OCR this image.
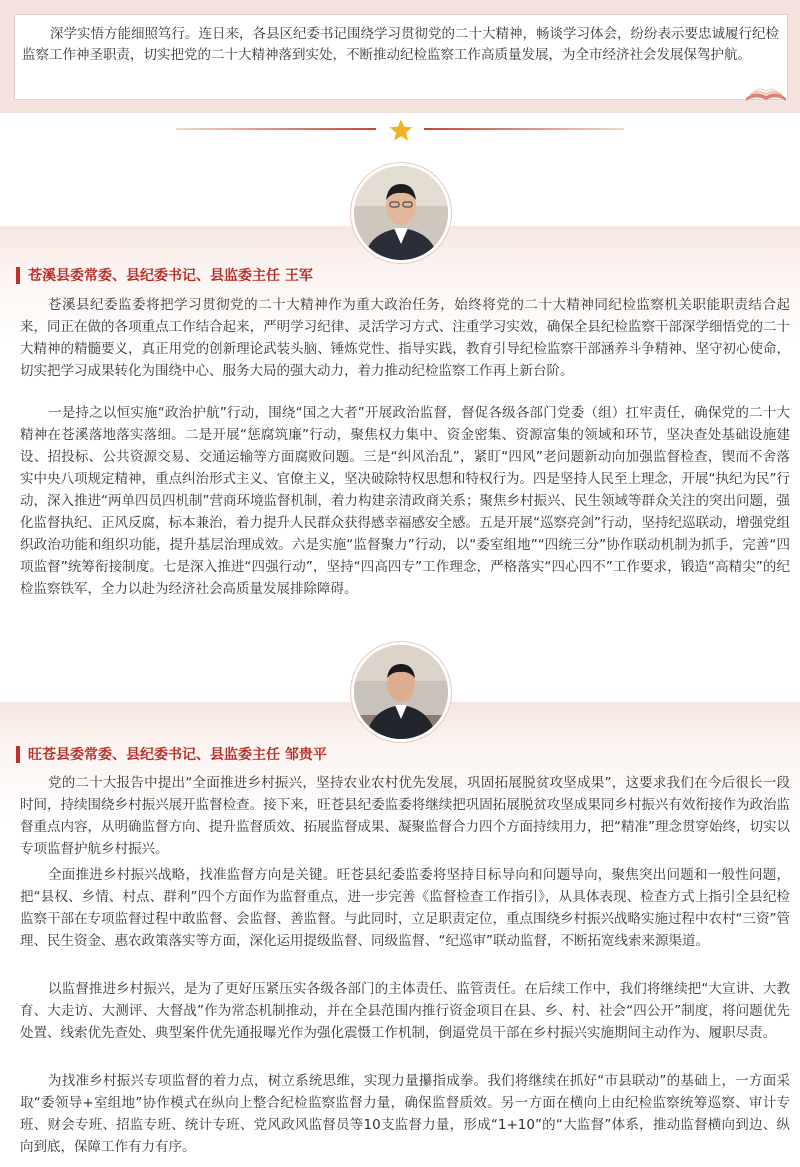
深学实悟方能细照笃行。连日来，各县区纪委书记围绕学习贯彻党的二十大精神，畅谈学习体会，纷纷表示要忠诚履行纪检监察工作神圣职责，切实把党的二十大精神落到实处，不断推动纪检监察工作高质量发展，为全市经济社会发展保驾护航。

苍溪县委常委、县纪委书记、县监委主任 王军

苍溪县纪委监委将把学习贯彻党的二十大精神作为重大政治任务，始终将党的二十大精神同纪检监察机关职能职责结合起来，同正在做的各项重点工作结合起来，严明学习纪律、灵活学习方式、注重学习实效，确保全县纪检监察干部深学细悟党的二十大精神的精髓要义，真正用党的创新理论武装头脑、锤炼党性、指导实践，教育引导纪检监察干部涵养斗争精神、坚守初心使命，切实把学习成果转化为围绕中心、服务大局的强大动力，着力推动纪检监察工作再上新台阶。

一是持之以恒实施“政治护航”行动，围绕“国之大者”开展政治监督，督促各级各部门党委（组）扛牢责任，确保党的二十大精神在苍溪落地落实落细。二是开展“惩腐筑廉”行动，聚焦权力集中、资金密集、资源富集的领域和环节，坚决查处基础设施建设、招投标、公共资源交易、交通运输等方面腐败问题。三是“纠风治乱”，紧盯“四风”老问题新动向加强监督检查，锲而不舍落实中央八项规定精神，重点纠治形式主义、官僚主义，坚决破除特权思想和特权行为。四是坚持人民至上理念，开展“执纪为民”行动，深入推进“两单四员四机制”营商环境监督机制，着力构建亲清政商关系；聚焦乡村振兴、民生领域等群众关注的突出问题，强化监督执纪、正风反腐，标本兼治，着力提升人民群众获得感幸福感安全感。五是开展“巡察亮剑”行动，坚持纪巡联动，增强党组织政治功能和组织功能，提升基层治理成效。六是实施“监督聚力”行动，以“委室组地”“四统三分”协作联动机制为抓手，完善“四项监督”统筹衔接制度。七是深入推进“四强行动”，坚持“四高四专”工作理念，严格落实“四心四不”工作要求，锻造“高精尖”的纪检监察铁军，全力以赴为经济社会高质量发展排除障碍。

旺苍县委常委、县纪委书记、县监委主任 邹贵平

党的二十大报告中提出“全面推进乡村振兴，坚持农业农村优先发展，巩固拓展脱贫攻坚成果”，这要求我们在今后很长一段时间，持续围绕乡村振兴展开监督检查。接下来，旺苍县纪委监委将继续把巩固拓展脱贫攻坚成果同乡村振兴有效衔接作为政治监督重点内容，从明确监督方向、提升监督质效、拓展监督成果、凝聚监督合力四个方面持续用力，把“精准”理念贯穿始终，切实以专项监督护航乡村振兴。

全面推进乡村振兴战略，找准监督方向是关键。旺苍县纪委监委将坚持目标导向和问题导向，聚焦突出问题和一般性问题，把“县权、乡情、村点、群利”四个方面作为监督重点，进一步完善《监督检查工作指引》，从具体表现、检查方式上指引全县纪检监察干部在专项监督过程中敢监督、会监督、善监督。与此同时，立足职责定位，重点围绕乡村振兴战略实施过程中农村“三资”管理、民生资金、惠农政策落实等方面，深化运用提级监督、同级监督、“纪巡审”联动监督，不断拓宽线索来源渠道。

以监督推进乡村振兴，是为了更好压紧压实各级各部门的主体责任、监管责任。在后续工作中，我们将继续把“大宣讲、大教育、大走访、大测评、大督战”作为常态机制推动，并在全县范围内推行资金项目在县、乡、村、社会“四公开”制度，将问题优先处置、线索优先查处、典型案件优先通报曝光作为强化震慑工作机制，倒逼党员干部在乡村振兴实施期间主动作为、履职尽责。

为找准乡村振兴专项监督的着力点，树立系统思维，实现力量攥指成拳。我们将继续在抓好“市县联动”的基础上，一方面采取“委领导+室组地”协作模式在纵向上整合纪检监察监督力量，确保监督质效。另一方面在横向上由纪检监察统筹巡察、审计专班、财会专班、招监专班、统计专班、党风政风监督员等10支监督力量，形成“1+10”的“大监督”体系，推动监督横向到边、纵向到底，保障工作有力有序。
